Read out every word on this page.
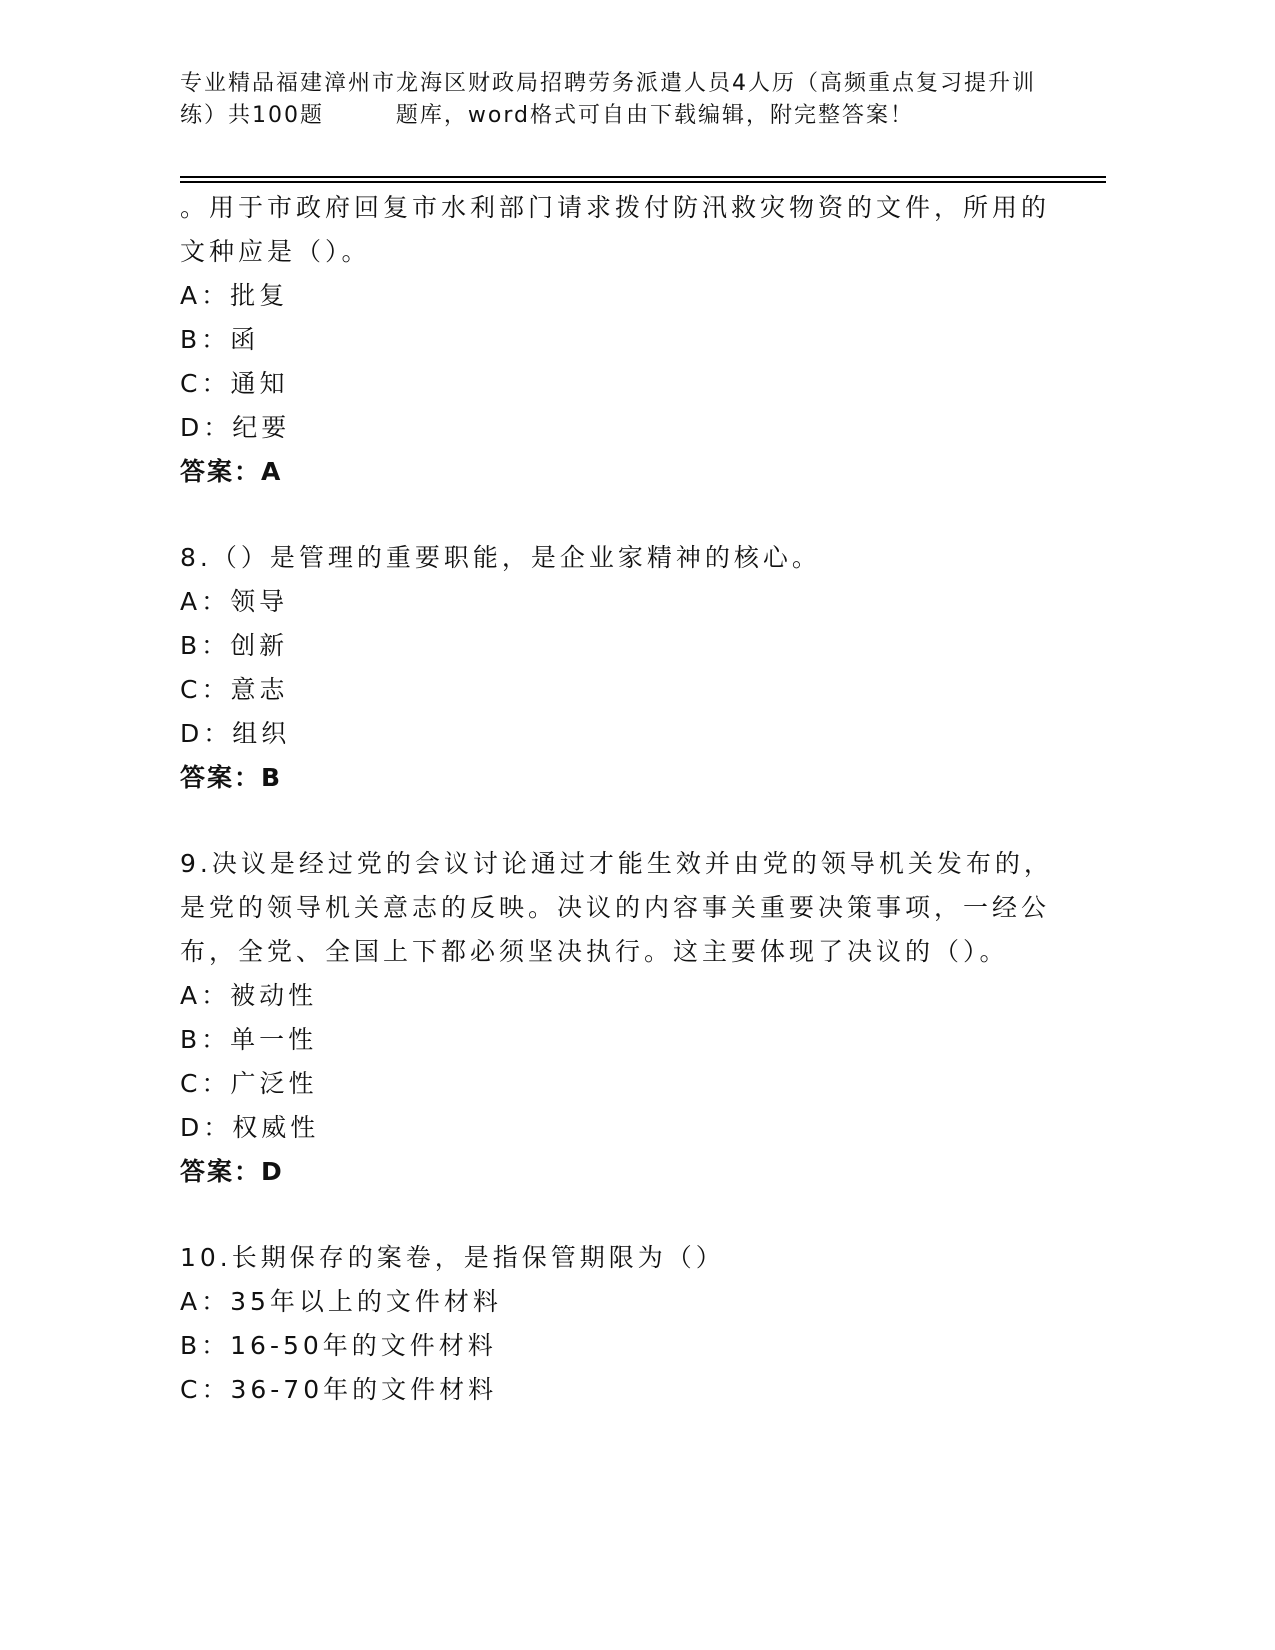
专业精品福建漳州市龙海区财政局招聘劳务派遣人员4人历（高频重点复习提升训
练）共100题        题库，word格式可自由下载编辑，附完整答案！
。用于市政府回复市水利部门请求拨付防汛救灾物资的文件，所用的
文种应是（）。
A：批复
B：函
C：通知
D：纪要
答案：A
8.（）是管理的重要职能，是企业家精神的核心。
A：领导
B：创新
C：意志
D：组织
答案：B
9.决议是经过党的会议讨论通过才能生效并由党的领导机关发布的，
是党的领导机关意志的反映。决议的内容事关重要决策事项，一经公
布，全党、全国上下都必须坚决执行。这主要体现了决议的（）。
A：被动性
B：单一性
C：广泛性
D：权威性
答案：D
10.长期保存的案卷，是指保管期限为（）
A：35年以上的文件材料
B：16-50年的文件材料
C：36-70年的文件材料
